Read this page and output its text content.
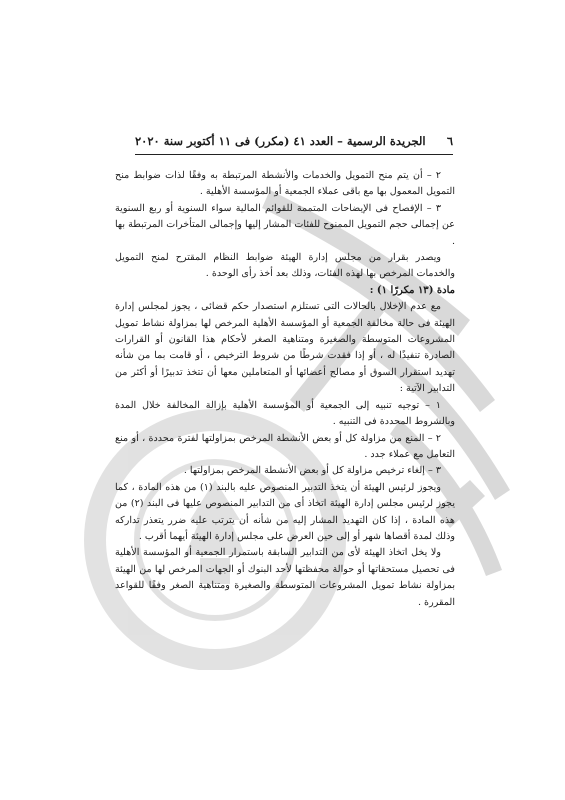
٦
الجريدة الرسمية – العدد ٤١ (مكرر) فى ١١ أكتوبر سنة ٢٠٢٠

٢ – أن يتم منح التمويل والخدمات والأنشطة المرتبطة به وفقًا لذات ضوابط منح التمويل المعمول بها مع باقى عملاء الجمعية أو المؤسسة الأهلية .

٣ – الإفصاح فى الإيضاحات المتممة للقوائم المالية سواء السنوية أو ربع السنوية عن إجمالى حجم التمويل الممنوح للفئات المشار إليها وإجمالى المتأخرات المرتبطة بها .

ويصدر بقرار من مجلس إدارة الهيئة ضوابط النظام المقترح لمنح التمويل والخدمات المرخص بها لهذه الفئات، وذلك بعد أخذ رأى الوحدة .

مادة (١٣ مكررًا ١) :

مع عدم الإخلال بالحالات التى تستلزم استصدار حكم قضائى ، يجوز لمجلس إدارة الهيئة فى حالة مخالفة الجمعية أو المؤسسة الأهلية المرخص لها بمزاولة نشاط تمويل المشروعات المتوسطة والصغيرة ومتناهية الصغر لأحكام هذا القانون أو القرارات الصادرة تنفيذًا له ، أو إذا فقدت شرطًا من شروط الترخيص ، أو قامت بما من شأنه تهديد استقرار السوق أو مصالح أعضائها أو المتعاملين معها أن تتخذ تدبيرًا أو أكثر من التدابير الآتية :

١ – توجيه تنبيه إلى الجمعية أو المؤسسة الأهلية بإزالة المخالفة خلال المدة وبالشروط المحددة فى التنبيه .

٢ – المنع من مزاولة كل أو بعض الأنشطة المرخص بمزاولتها لفترة محددة ، أو منع التعامل مع عملاء جدد .

٣ – إلغاء ترخيص مزاولة كل أو بعض الأنشطة المرخص بمزاولتها .

ويجوز لرئيس الهيئة أن يتخذ التدبير المنصوص عليه بالبند (١) من هذه المادة ، كما يجوز لرئيس مجلس إدارة الهيئة اتخاذ أى من التدابير المنصوص عليها فى البند (٢) من هذه المادة ، إذا كان التهديد المشار إليه من شأنه أن يترتب عليه ضرر يتعذر تداركه وذلك لمدة أقصاها شهر أو إلى حين العرض على مجلس إدارة الهيئة أيهما أقرب .

ولا يخل اتخاذ الهيئة لأى من التدابير السابقة باستمرار الجمعية أو المؤسسة الأهلية فى تحصيل مستحقاتها أو حوالة محفظتها لأحد البنوك أو الجهات المرخص لها من الهيئة بمزاولة نشاط تمويل المشروعات المتوسطة والصغيرة ومتناهية الصغر وفقًا للقواعد المقررة .
